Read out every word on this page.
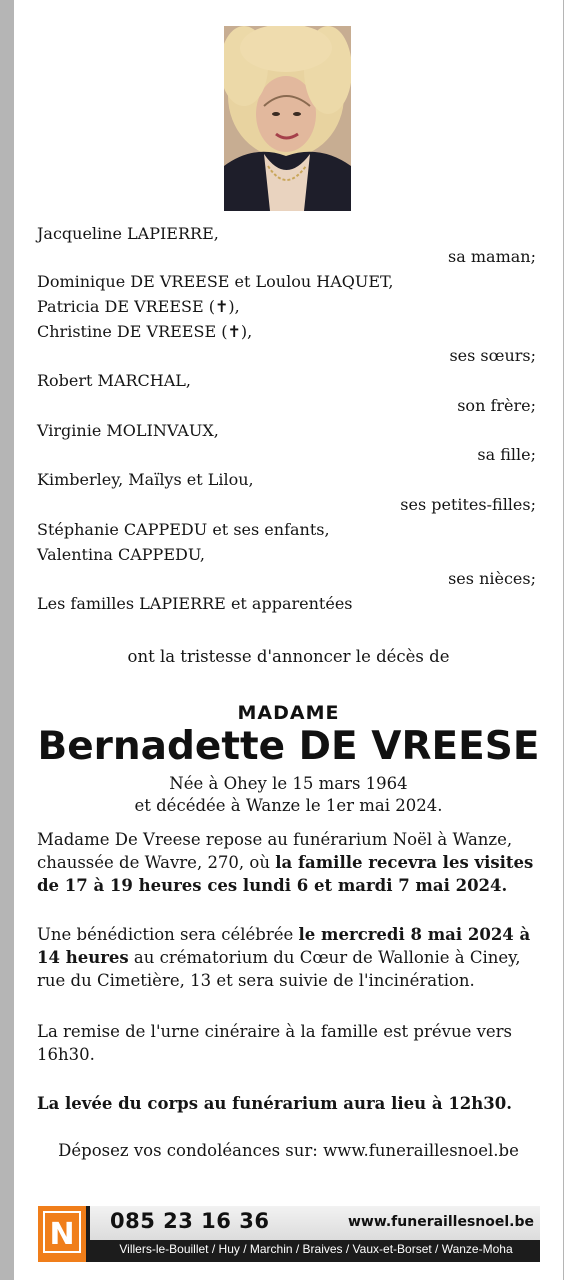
Jacqueline LAPIERRE,
sa maman;
Dominique DE VREESE et Loulou HAQUET,
Patricia DE VREESE (✝),
Christine DE VREESE (✝),
ses sœurs;
Robert MARCHAL,
son frère;
Virginie MOLINVAUX,
sa fille;
Kimberley, Maïlys et Lilou,
ses petites-filles;
Stéphanie CAPPEDU et ses enfants,
Valentina CAPPEDU,
ses nièces;
Les familles LAPIERRE et apparentées
ont la tristesse d'annoncer le décès de
MADAME
Bernadette DE VREESE
Née à Ohey le 15 mars 1964
et décédée à Wanze le 1er mai 2024.
Madame De Vreese repose au funérarium Noël à Wanze, chaussée de Wavre, 270, où la famille recevra les visites de 17 à 19 heures ces lundi 6 et mardi 7 mai 2024.
Une bénédiction sera célébrée le mercredi 8 mai 2024 à 14 heures au crématorium du Cœur de Wallonie à Ciney, rue du Cimetière, 13 et sera suivie de l'incinération.
La remise de l'urne cinéraire à la famille est prévue vers 16h30.
La levée du corps au funérarium aura lieu à 12h30.
Déposez vos condoléances sur: www.funeraillesnoel.be
N 085 23 16 36	www.funeraillesnoel.be
Villers-le-Bouillet / Huy / Marchin / Braives / Vaux-et-Borset / Wanze-Moha
